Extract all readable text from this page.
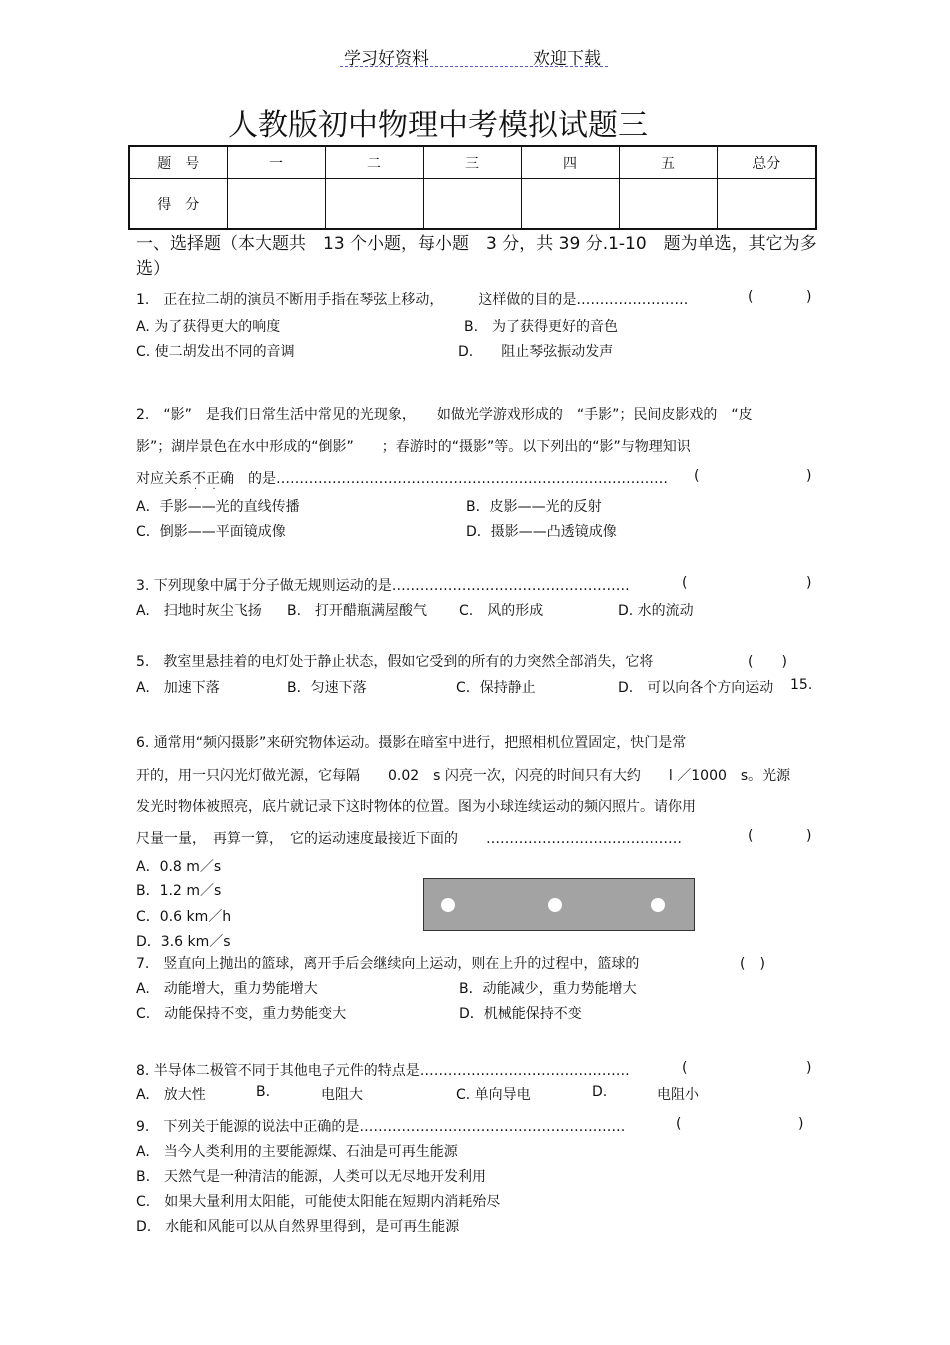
学习好资料	欢迎下载
人教版初中物理中考模拟试题三
题　号	一	二	三	四	五	总分
得　分						
一、选择题（本大题共　13 个小题，每小题　3 分，共 39 分.1-10　题为单选，其它为多选）
1.　正在拉二胡的演员不断用手指在琴弦上移动，　　　这样做的目的是……………………	(	)
A. 为了获得更大的响度	B.　为了获得更好的音色
C. 使二胡发出不同的音调	D.　　阻止琴弦振动发声
2.　“影”　是我们日常生活中常见的光现象，　　如做光学游戏形成的　“手影”；民间皮影戏的　“皮
影”；湖岸景色在水中形成的“倒影”　　；春游时的“摄影”等。以下列出的“影”与物理知识
对应关系不正确 · ·　的是………………………………………………………………………… (	)
A．手影——光的直线传播	B．皮影——光的反射
C．倒影——平面镜成像	D．摄影——凸透镜成像
3. 下列现象中属于分子做无规则运动的是……………………………………………	(	)
A.　扫地时灰尘飞扬 B.　打开醋瓶满屋酸气 C.　风的形成	D. 水的流动
5.　教室里悬挂着的电灯处于静止状态，假如它受到的所有的力突然全部消失，它将	(　　)
A.　加速下落	B．匀速下落	C．保持静止	D.　可以向各个方向运动 15.
6. 通常用“频闪摄影”来研究物体运动。摄影在暗室中进行，把照相机位置固定，快门是常
开的，用一只闪光灯做光源，它每隔　　0.02　s 闪亮一次，闪亮的时间只有大约　　l ／1000　s。光源
发光时物体被照亮，底片就记录下这时物体的位置。图为小球连续运动的频闪照片。请你用
尺量一量，　再算一算，　它的运动速度最接近下面的　　……………………………………	(	)
A．0.8 m／s
B．1.2 m／s
C．0.6 km／h
D．3.6 km／s
7.　竖直向上抛出的篮球，离开手后会继续向上运动，则在上升的过程中，篮球的	(　)
A.　动能增大，重力势能增大	B．动能减少，重力势能增大
C.　动能保持不变，重力势能变大	D．机械能保持不变
8. 半导体二极管不同于其他电子元件的特点是………………………………………	(	)
A.　放大性	B.	电阻大	C. 单向导电	D.	电阻小
9.　下列关于能源的说法中正确的是…………………………………………………	(	)
A.　当今人类利用的主要能源煤、石油是可再生能源
B.　天然气是一种清洁的能源，人类可以无尽地开发利用
C.　如果大量利用太阳能，可能使太阳能在短期内消耗殆尽
D.　水能和风能可以从自然界里得到，是可再生能源
